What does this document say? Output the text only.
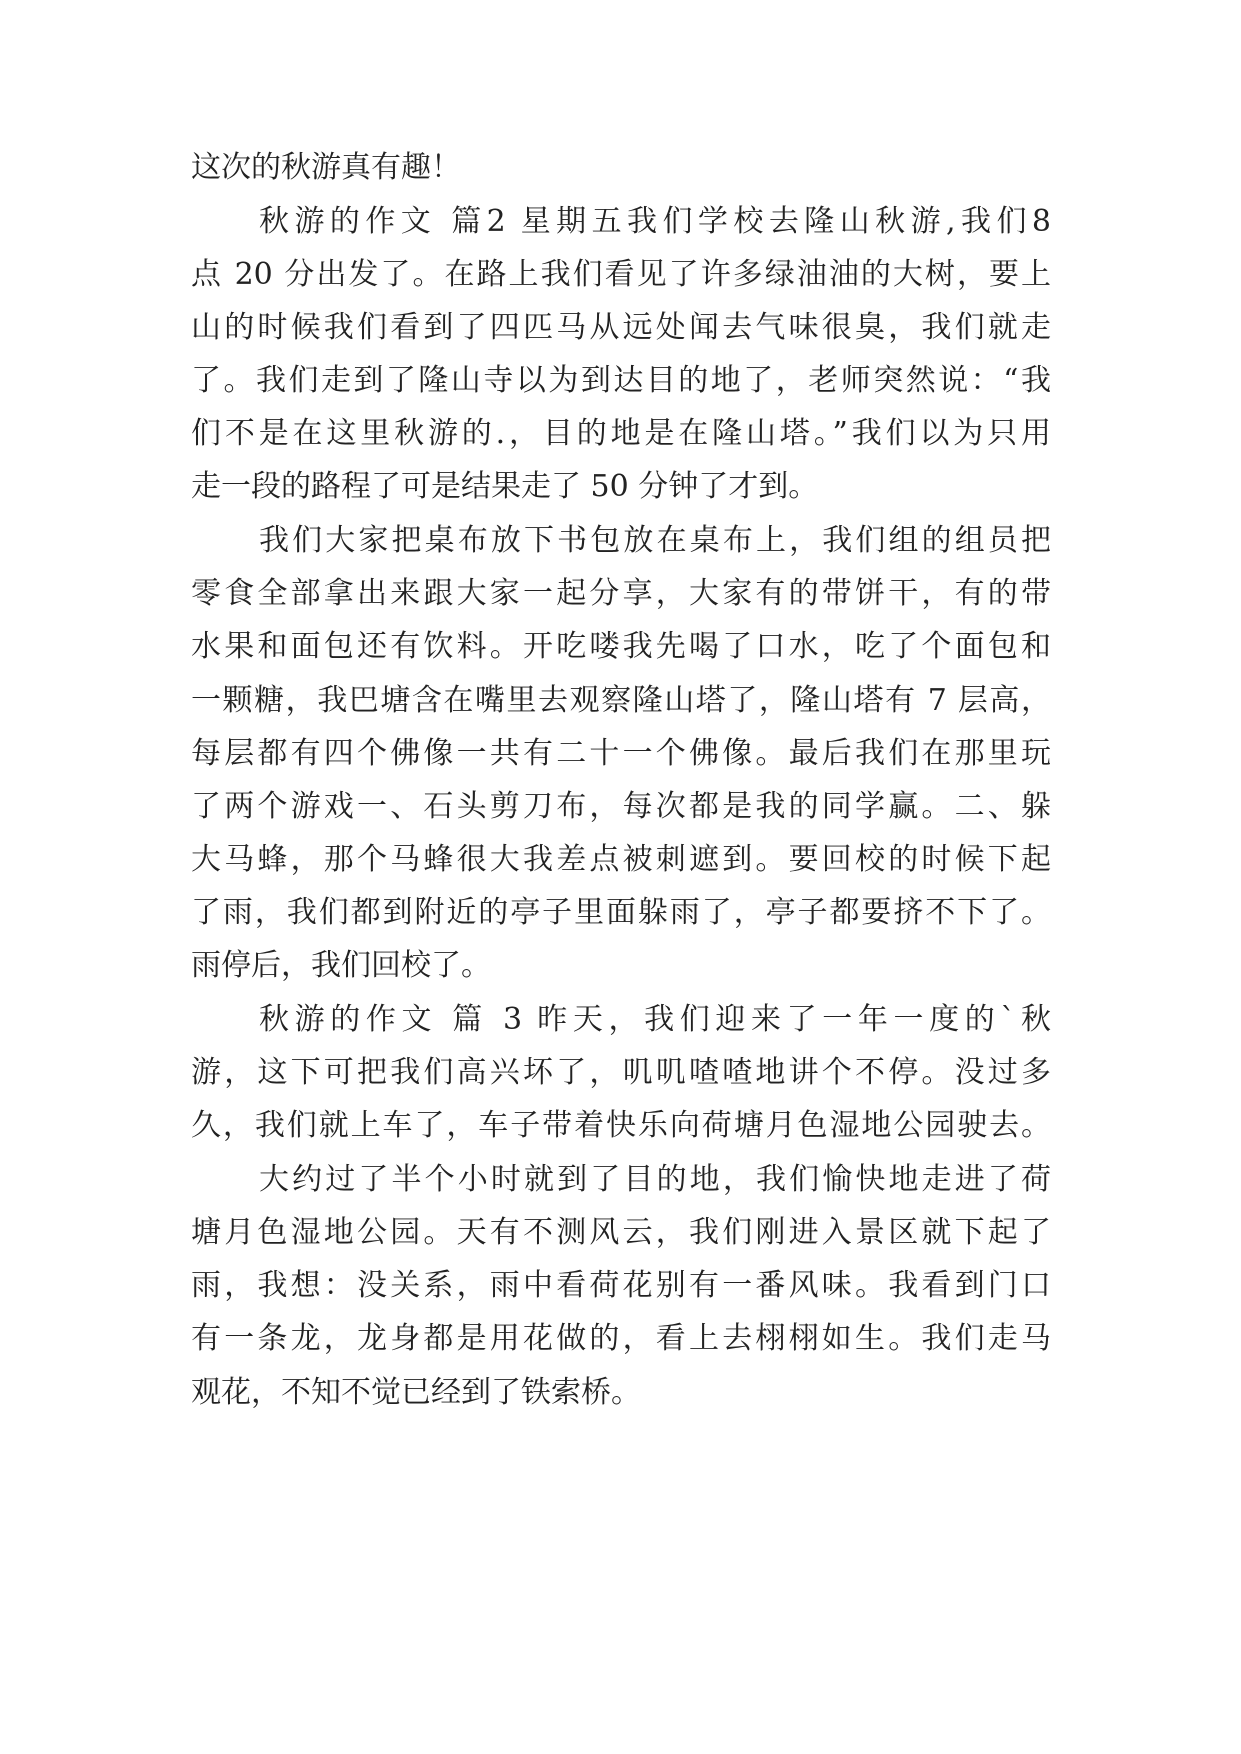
这次的秋游真有趣！
秋游的作文 篇2 星期五我们学校去隆山秋游,我们8
点 20 分出发了。在路上我们看见了许多绿油油的大树，要上
山的时候我们看到了四匹马从远处闻去气味很臭，我们就走
了。我们走到了隆山寺以为到达目的地了，老师突然说：“我
们不是在这里秋游的.，目的地是在隆山塔。”我们以为只用
走一段的路程了可是结果走了 50 分钟了才到。
我们大家把桌布放下书包放在桌布上，我们组的组员把
零食全部拿出来跟大家一起分享，大家有的带饼干，有的带
水果和面包还有饮料。开吃喽我先喝了口水，吃了个面包和
一颗糖，我巴塘含在嘴里去观察隆山塔了，隆山塔有 7 层高，
每层都有四个佛像一共有二十一个佛像。最后我们在那里玩
了两个游戏一、石头剪刀布，每次都是我的同学赢。二、躲
大马蜂，那个马蜂很大我差点被刺遮到。要回校的时候下起
了雨，我们都到附近的亭子里面躲雨了，亭子都要挤不下了。
雨停后，我们回校了。
秋游的作文 篇 3 昨天，我们迎来了一年一度的`秋
游，这下可把我们高兴坏了，叽叽喳喳地讲个不停。没过多
久，我们就上车了，车子带着快乐向荷塘月色湿地公园驶去。
大约过了半个小时就到了目的地，我们愉快地走进了荷
塘月色湿地公园。天有不测风云，我们刚进入景区就下起了
雨，我想：没关系，雨中看荷花别有一番风味。我看到门口
有一条龙，龙身都是用花做的，看上去栩栩如生。我们走马
观花，不知不觉已经到了铁索桥。
